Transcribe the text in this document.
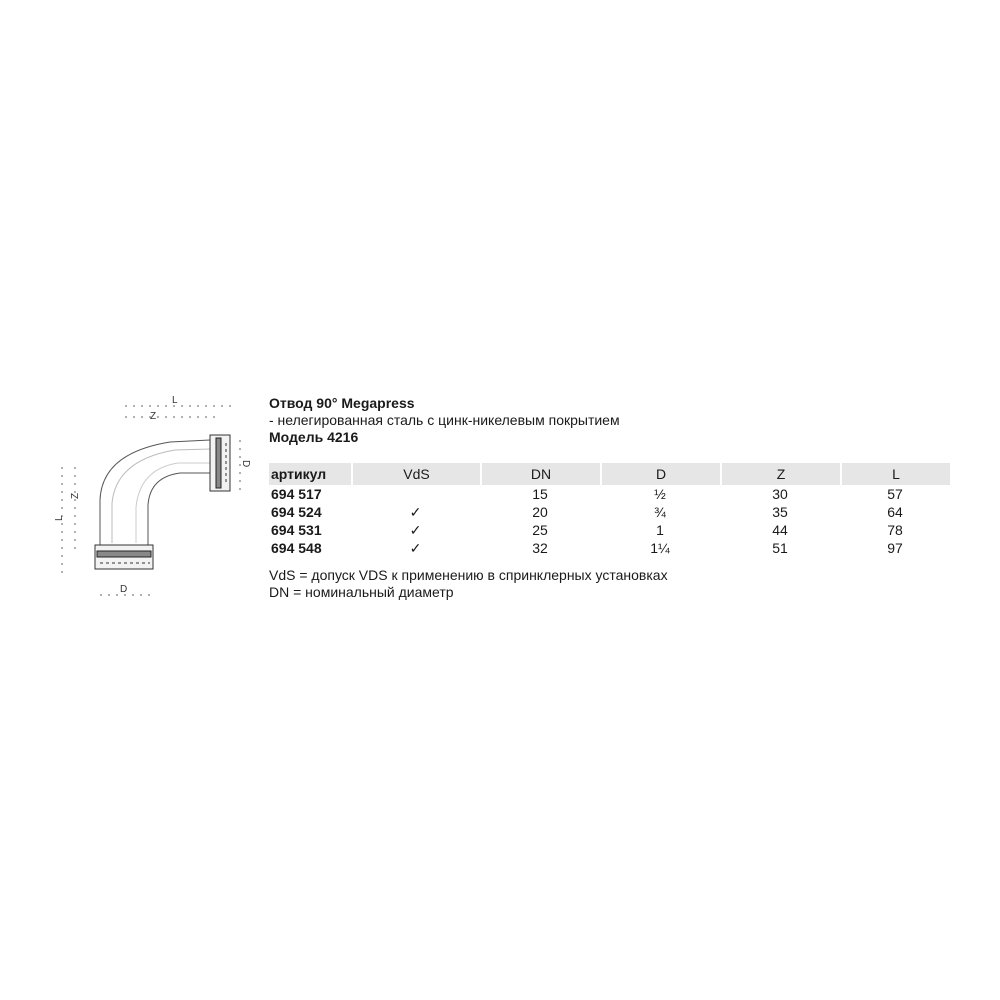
L
Z
D
L
Z
D

Отвод 90° Megapress

- нелегированная сталь с цинк-никелевым покрытием

Модель 4216

артикул	VdS	DN	D	Z	L
694 517		15	½	30	57
694 524	✓	20	¾	35	64
694 531	✓	25	1	44	78
694 548	✓	32	1¼	51	97

VdS = допуск VDS к применению в спринклерных установках

DN = номинальный диаметр
